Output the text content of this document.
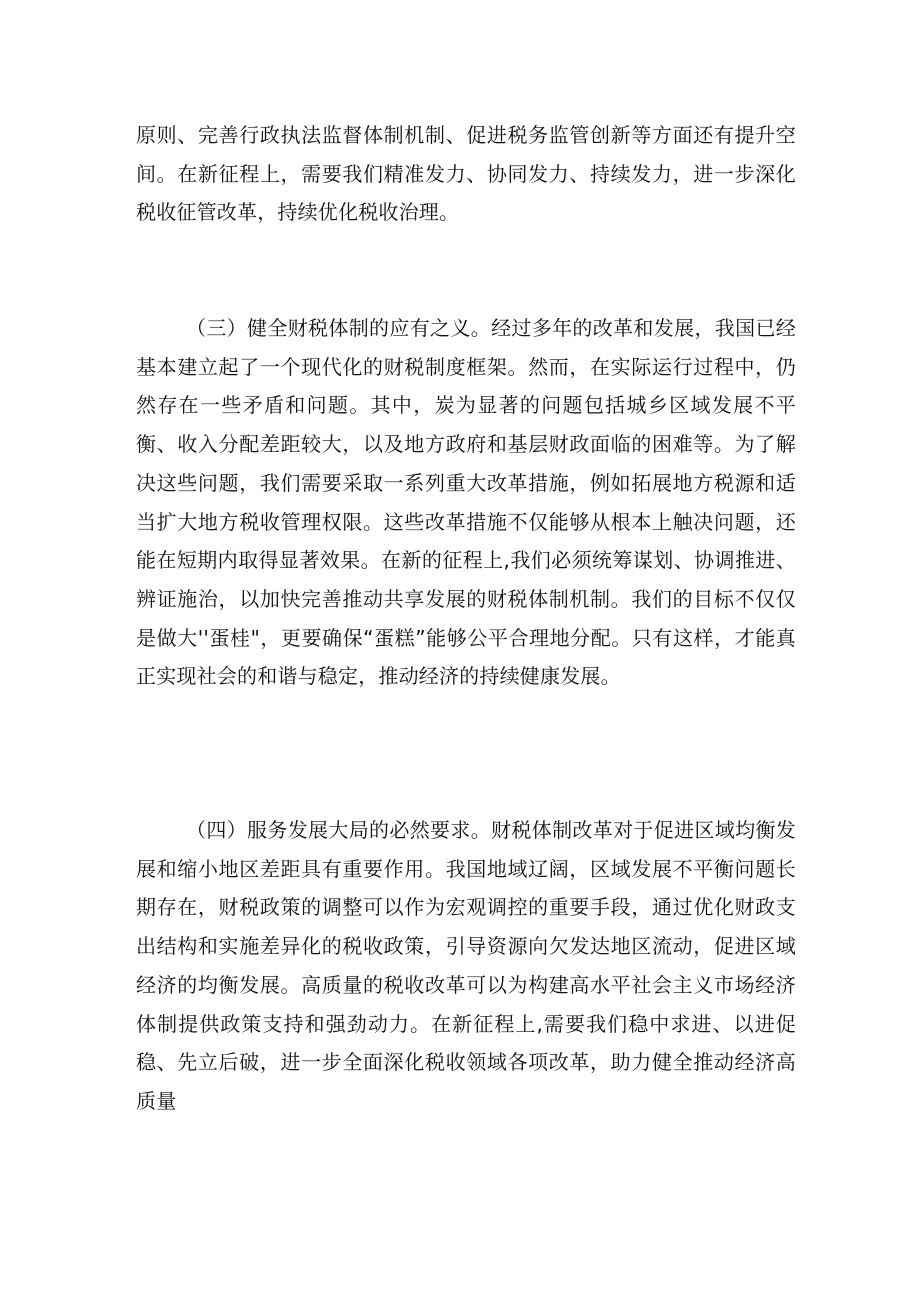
原则、完善行政执法监督体制机制、促进税务监管创新等方面还有提升空间。在新征程上，需要我们精准发力、协同发力、持续发力，进一步深化税收征管改革，持续优化税收治理。

（三）健全财税体制的应有之义。经过多年的改革和发展，我国已经基本建立起了一个现代化的财税制度框架。然而，在实际运行过程中，仍然存在一些矛盾和问题。其中，炭为显著的问题包括城乡区域发展不平衡、收入分配差距较大，以及地方政府和基层财政面临的困难等。为了解决这些问题，我们需要采取一系列重大改革措施，例如拓展地方税源和适当扩大地方税收管理权限。这些改革措施不仅能够从根本上触决问题，还能在短期内取得显著效果。在新的征程上,我们必须统筹谋划、协调推进、辨证施治，以加快完善推动共享发展的财税体制机制。我们的目标不仅仅是做大''蛋桂"，更要确保“蛋糕”能够公平合理地分配。只有这样，才能真正实现社会的和谐与稳定，推动经济的持续健康发展。

（四）服务发展大局的必然要求。财税体制改革对于促进区域均衡发展和缩小地区差距具有重要作用。我国地域辽阔，区域发展不平衡问题长期存在，财税政策的调整可以作为宏观调控的重要手段，通过优化财政支出结构和实施差异化的税收政策，引导资源向欠发达地区流动，促进区域经济的均衡发展。高质量的税收改革可以为构建高水平社会主义市场经济体制提供政策支持和强劲动力。在新征程上,需要我们稳中求进、以进促稳、先立后破，进一步全面深化税收领域各项改革，助力健全推动经济高质量
